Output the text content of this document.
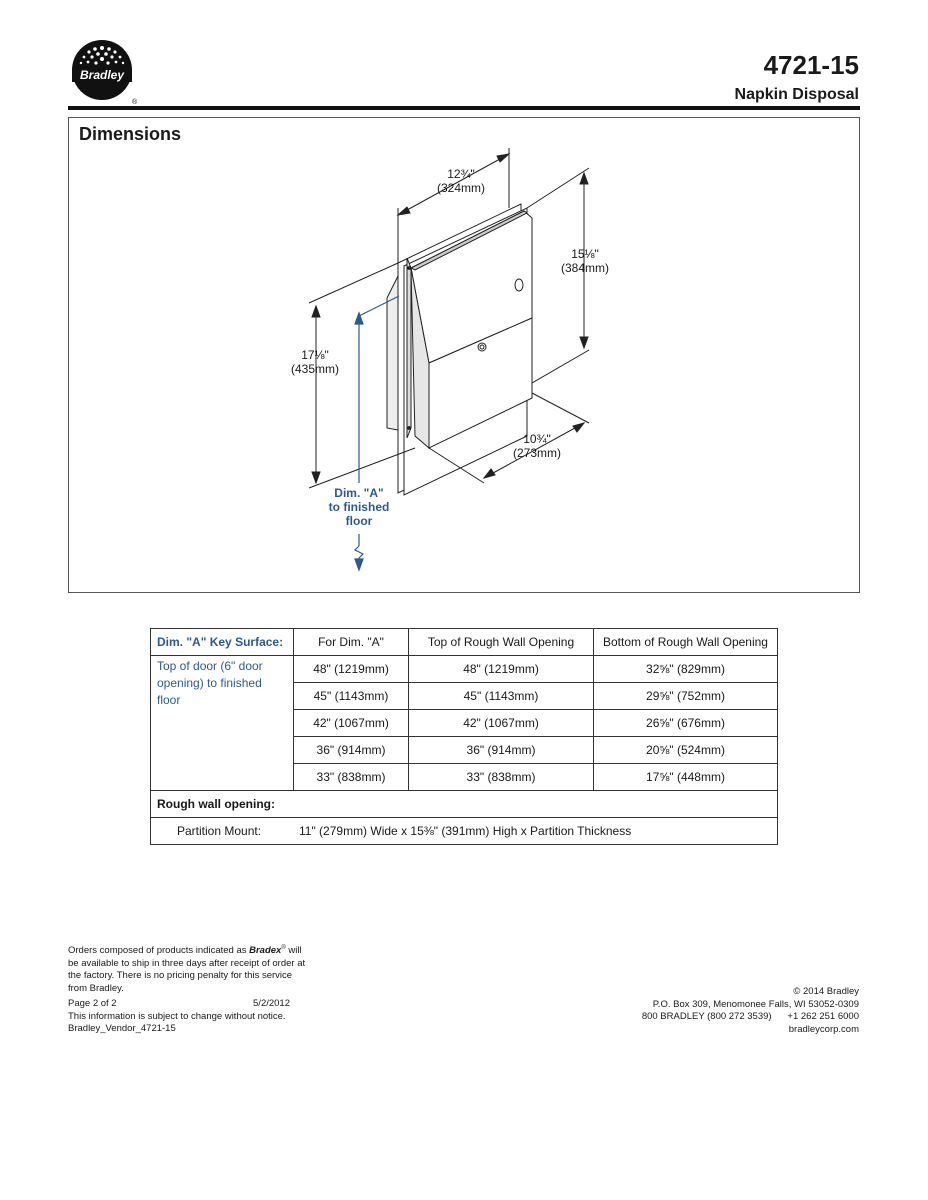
Bradley
®
4721-15
Napkin Disposal
Dimensions
12¾"
(324mm)
15⅛"
(384mm)
17⅛"
(435mm)
10¾"
(273mm)
Dim. "A"
to finished
floor
Dim. "A" Key Surface:	For Dim. "A"	Top of Rough Wall Opening	Bottom of Rough Wall Opening
Top of door (6" door opening) to finished floor	48" (1219mm)	48" (1219mm)	32⅝" (829mm)
	45" (1143mm)	45" (1143mm)	29⅝" (752mm)
	42" (1067mm)	42" (1067mm)	26⅝" (676mm)
	36" (914mm)	36" (914mm)	20⅝" (524mm)
	33" (838mm)	33" (838mm)	17⅝" (448mm)
Rough wall opening:			
Partition Mount: 11" (279mm) Wide x 15⅜" (391mm) High x Partition Thickness			
Orders composed of products indicated as Bradex® will be available to ship in three days after receipt of order at the factory. There is no pricing penalty for this service from Bradley.
Page 2 of 2	5/2/2012
This information is subject to change without notice.
Bradley_Vendor_4721-15
© 2014 Bradley
P.O. Box 309, Menomonee Falls, WI 53052-0309
800 BRADLEY (800 272 3539) +1 262 251 6000
bradleycorp.com
